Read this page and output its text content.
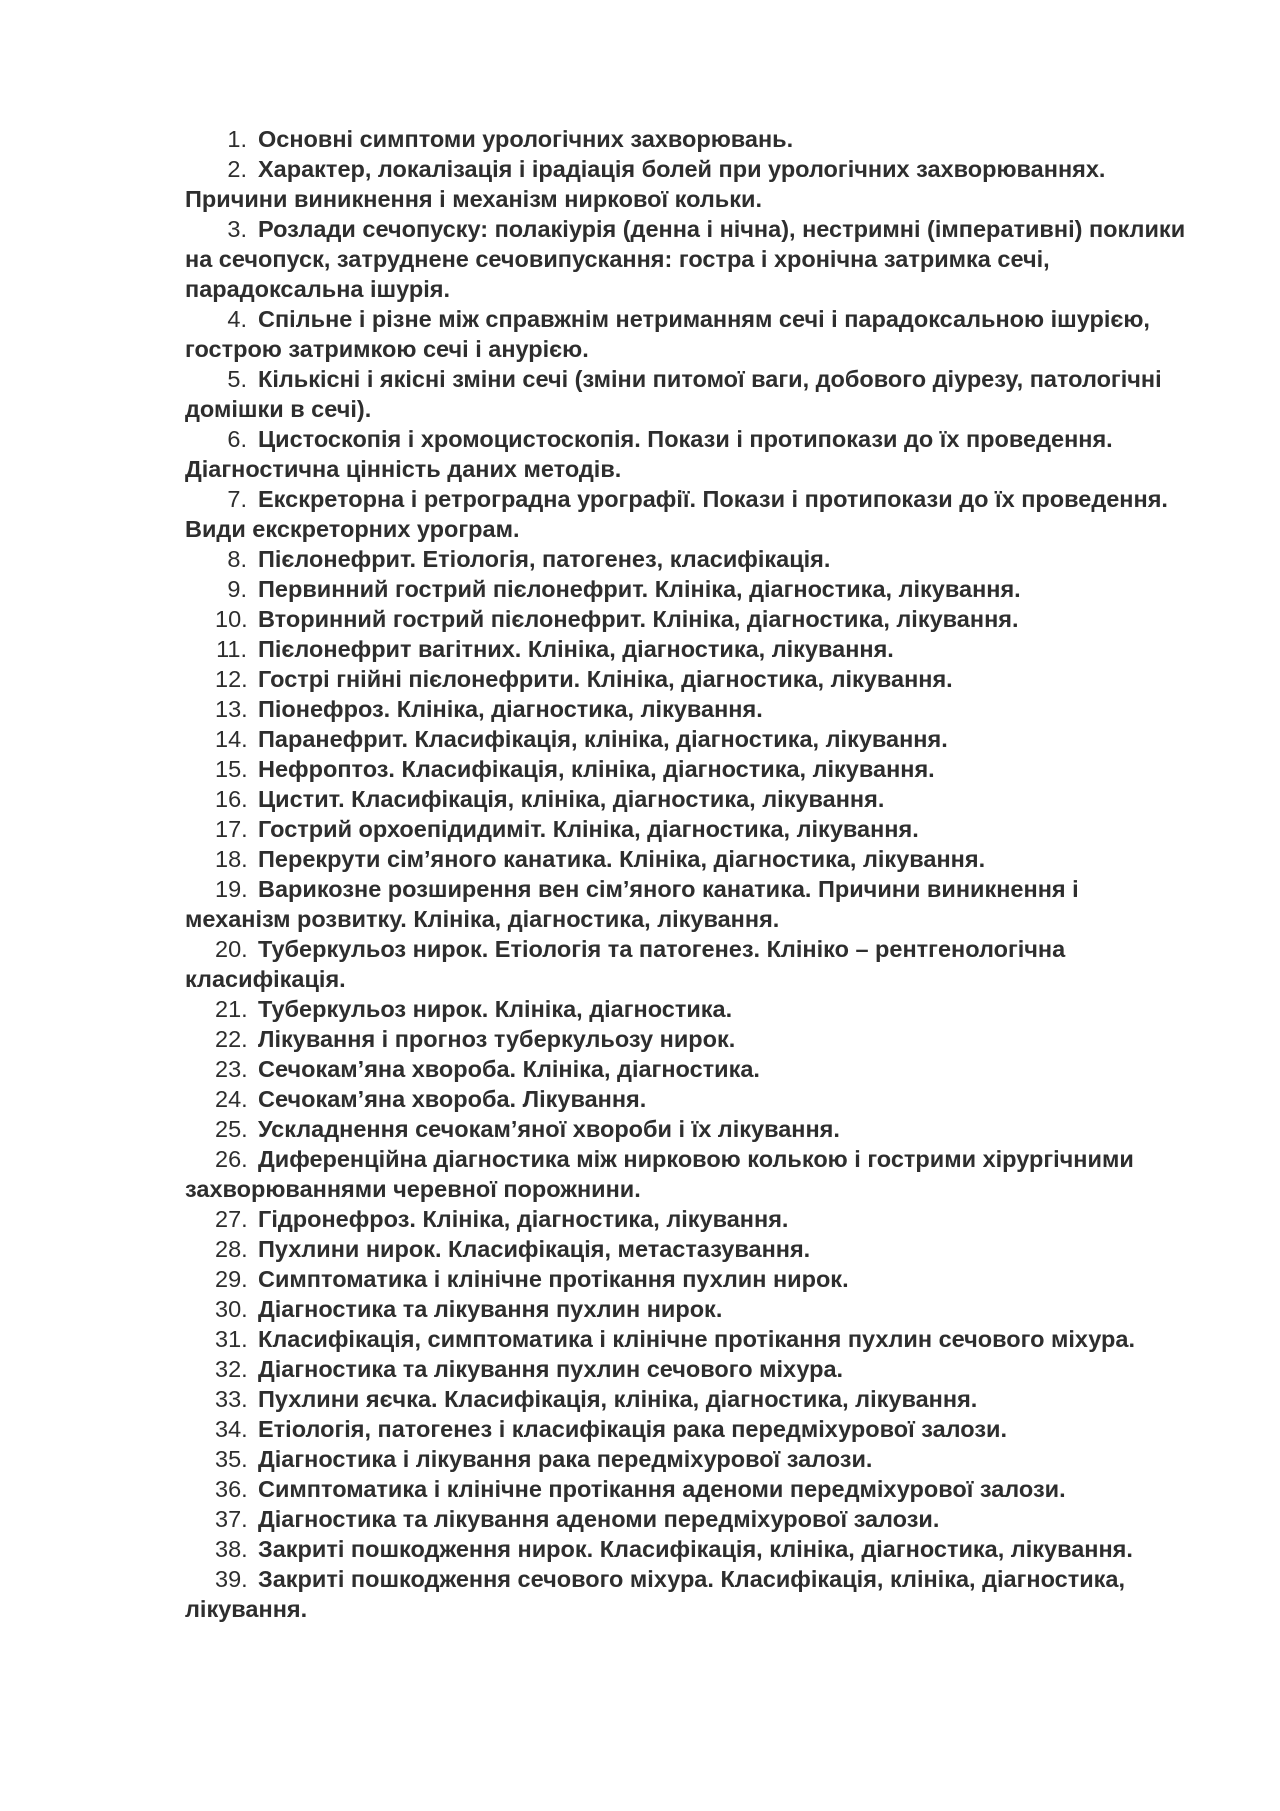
1. Основні симптоми урологічних захворювань.
2. Характер, локалізація і ірадіація болей при урологічних захворюваннях. Причини виникнення і механізм ниркової кольки.
3. Розлади сечопуску: полакіурія (денна і нічна), нестримні (імперативні) поклики на сечопуск, затруднене сечовипускання: гостра і хронічна затримка сечі, парадоксальна ішурія.
4. Спільне і різне між справжнім нетриманням сечі і парадоксальною ішурією, гострою затримкою сечі і анурією.
5. Кількісні і якісні зміни сечі (зміни питомої ваги, добового діурезу, патологічні домішки в сечі).
6. Цистоскопія і хромоцистоскопія. Покази і протипокази до їх проведення. Діагностична цінність даних методів.
7. Екскреторна і ретроградна урографії. Покази і протипокази до їх проведення. Види екскреторних урограм.
8. Пієлонефрит. Етіологія, патогенез, класифікація.
9. Первинний гострий пієлонефрит. Клініка, діагностика, лікування.
10. Вторинний гострий пієлонефрит. Клініка, діагностика, лікування.
11. Пієлонефрит вагітних. Клініка, діагностика, лікування.
12. Гострі гнійні пієлонефрити. Клініка, діагностика, лікування.
13. Піонефроз. Клініка, діагностика, лікування.
14. Паранефрит. Класифікація, клініка, діагностика, лікування.
15. Нефроптоз. Класифікація, клініка, діагностика, лікування.
16. Цистит. Класифікація, клініка, діагностика, лікування.
17. Гострий орхоепідидиміт. Клініка, діагностика, лікування.
18. Перекрути сім’яного канатика. Клініка, діагностика, лікування.
19. Варикозне розширення вен сім’яного канатика. Причини виникнення і механізм розвитку. Клініка, діагностика, лікування.
20. Туберкульоз нирок. Етіологія та патогенез. Клініко – рентгенологічна класифікація.
21. Туберкульоз нирок. Клініка, діагностика.
22. Лікування і прогноз туберкульозу нирок.
23. Сечокам’яна хвороба. Клініка, діагностика.
24. Сечокам’яна хвороба. Лікування.
25. Ускладнення сечокам’яної хвороби і їх лікування.
26. Диференційна діагностика між нирковою колькою і гострими хірургічними захворюваннями черевної порожнини.
27. Гідронефроз. Клініка, діагностика, лікування.
28. Пухлини нирок. Класифікація, метастазування.
29. Симптоматика і клінічне протікання пухлин нирок.
30. Діагностика та лікування пухлин нирок.
31. Класифікація, симптоматика і клінічне протікання пухлин сечового міхура.
32. Діагностика та лікування пухлин сечового міхура.
33. Пухлини яєчка. Класифікація, клініка, діагностика, лікування.
34. Етіологія, патогенез і класифікація рака передміхурової залози.
35. Діагностика і лікування рака передміхурової залози.
36. Симптоматика і клінічне протікання аденоми передміхурової залози.
37. Діагностика та лікування аденоми передміхурової залози.
38. Закриті пошкодження нирок. Класифікація, клініка, діагностика, лікування.
39. Закриті пошкодження сечового міхура. Класифікація, клініка, діагностика, лікування.
